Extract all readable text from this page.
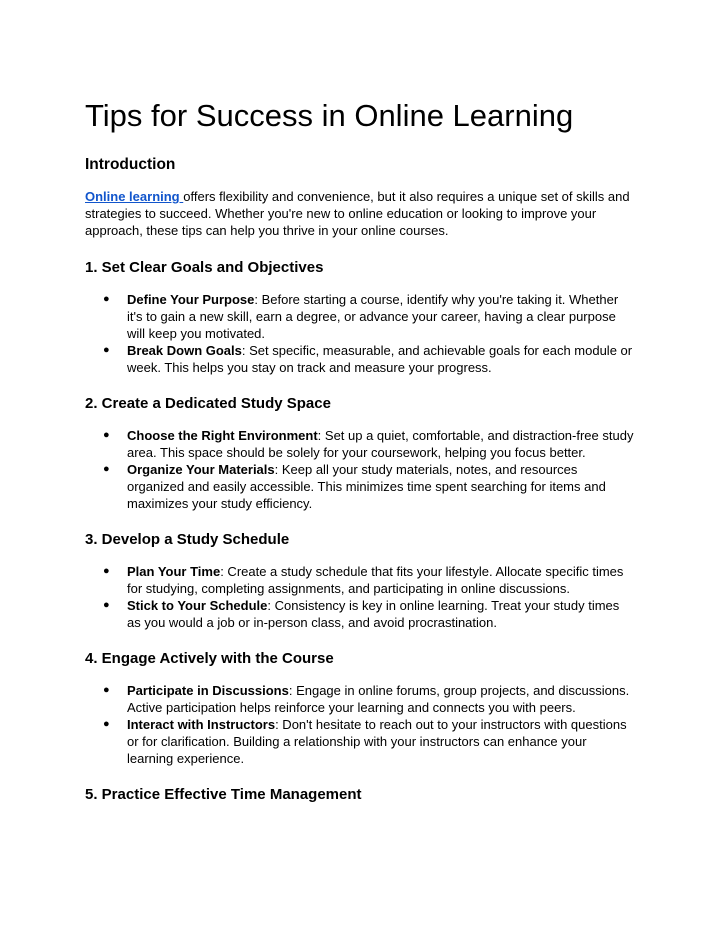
Tips for Success in Online Learning
Introduction

Online learning offers flexibility and convenience, but it also requires a unique set of skills and strategies to succeed. Whether you're new to online education or looking to improve your approach, these tips can help you thrive in your online courses.

1. Set Clear Goals and Objectives
● Define Your Purpose: Before starting a course, identify why you're taking it. Whether it's to gain a new skill, earn a degree, or advance your career, having a clear purpose will keep you motivated.
● Break Down Goals: Set specific, measurable, and achievable goals for each module or week. This helps you stay on track and measure your progress.
2. Create a Dedicated Study Space
● Choose the Right Environment: Set up a quiet, comfortable, and distraction-free study area. This space should be solely for your coursework, helping you focus better.
● Organize Your Materials: Keep all your study materials, notes, and resources organized and easily accessible. This minimizes time spent searching for items and maximizes your study efficiency.
3. Develop a Study Schedule
● Plan Your Time: Create a study schedule that fits your lifestyle. Allocate specific times for studying, completing assignments, and participating in online discussions.
● Stick to Your Schedule: Consistency is key in online learning. Treat your study times as you would a job or in-person class, and avoid procrastination.
4. Engage Actively with the Course
● Participate in Discussions: Engage in online forums, group projects, and discussions. Active participation helps reinforce your learning and connects you with peers.
● Interact with Instructors: Don't hesitate to reach out to your instructors with questions or for clarification. Building a relationship with your instructors can enhance your learning experience.
5. Practice Effective Time Management
